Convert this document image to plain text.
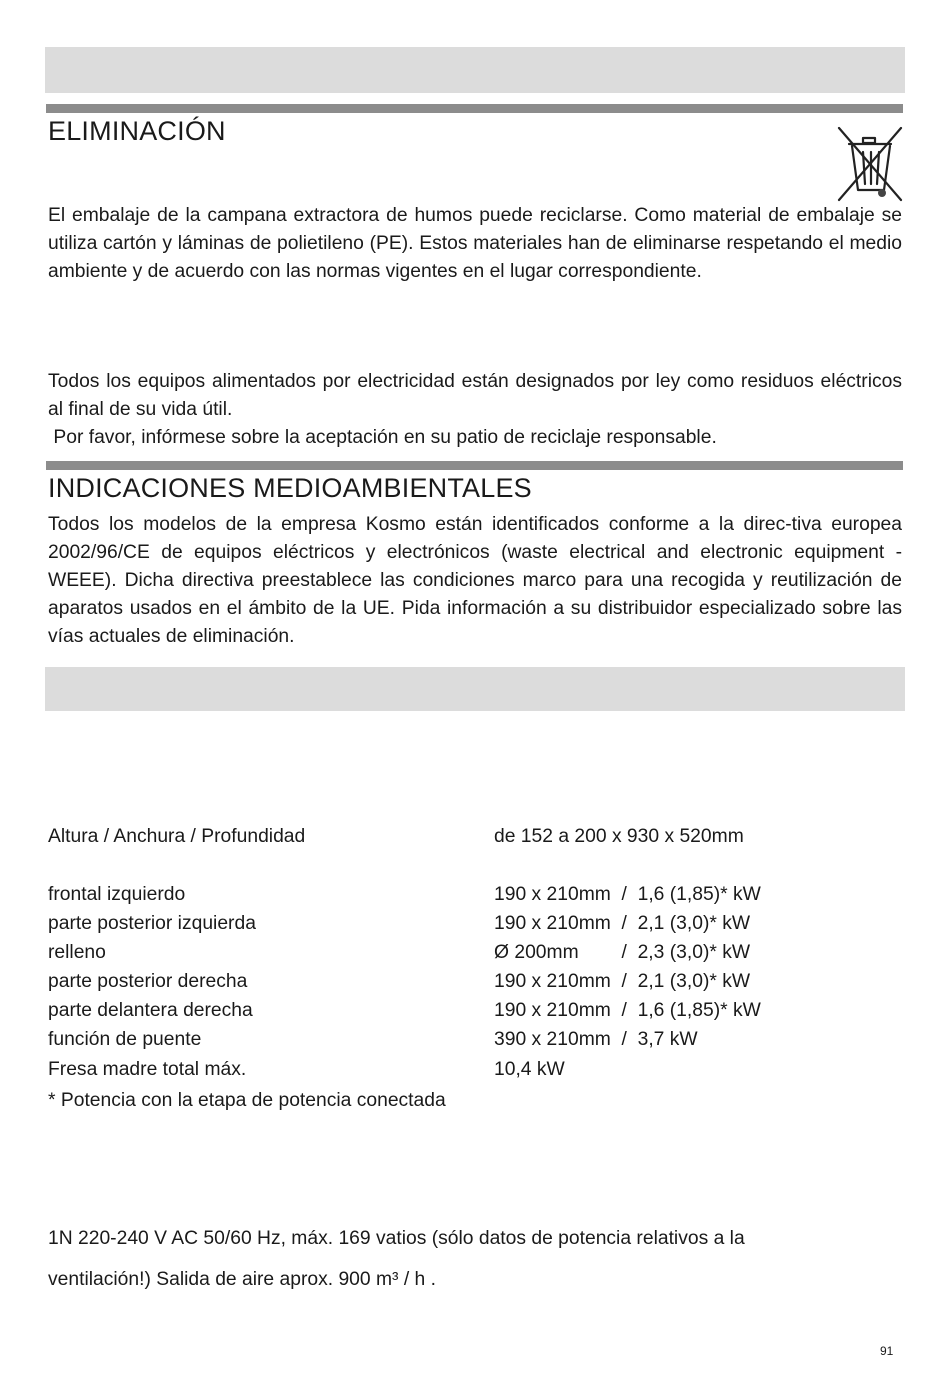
ELIMINACIÓN

El embalaje de la campana extractora de humos puede reciclarse. Como material de embalaje se utiliza cartón y láminas de polietileno (PE). Estos materiales han de eliminarse respetando el medio ambiente y de acuerdo con las normas vigentes en el lugar correspondiente.

Todos los equipos alimentados por electricidad están designados por ley como residuos eléctricos al final de su vida útil.

Por favor, infórmese sobre la aceptación en su patio de reciclaje responsable.

INDICACIONES MEDIOAMBIENTALES

Todos los modelos de la empresa Kosmo están identificados conforme a la direc-tiva europea 2002/96/CE de equipos eléctricos y electrónicos (waste electrical and electronic equipment - WEEE). Dicha directiva preestablece las condiciones marco para una recogida y reutilización de aparatos usados en el ámbito de la UE. Pida información a su distribuidor especializado sobre las vías actuales de eliminación.

Altura / Anchura / Profundidad	de 152 a 200 x 930 x 520mm
frontal izquierdo	190 x 210mm  /  1,6 (1,85)* kW
parte posterior izquierda	190 x 210mm  /  2,1 (3,0)* kW
relleno	Ø 200mm        /  2,3 (3,0)* kW
parte posterior derecha	190 x 210mm  /  2,1 (3,0)* kW
parte delantera derecha	190 x 210mm  /  1,6 (1,85)* kW
función de puente	390 x 210mm  /  3,7 kW
Fresa madre total máx.	10,4 kW
* Potencia con la etapa de potencia conectada

1N 220-240 V AC 50/60 Hz, máx. 169 vatios (sólo datos de potencia relativos a la

ventilación!) Salida de aire aprox. 900 m³ / h .

91
